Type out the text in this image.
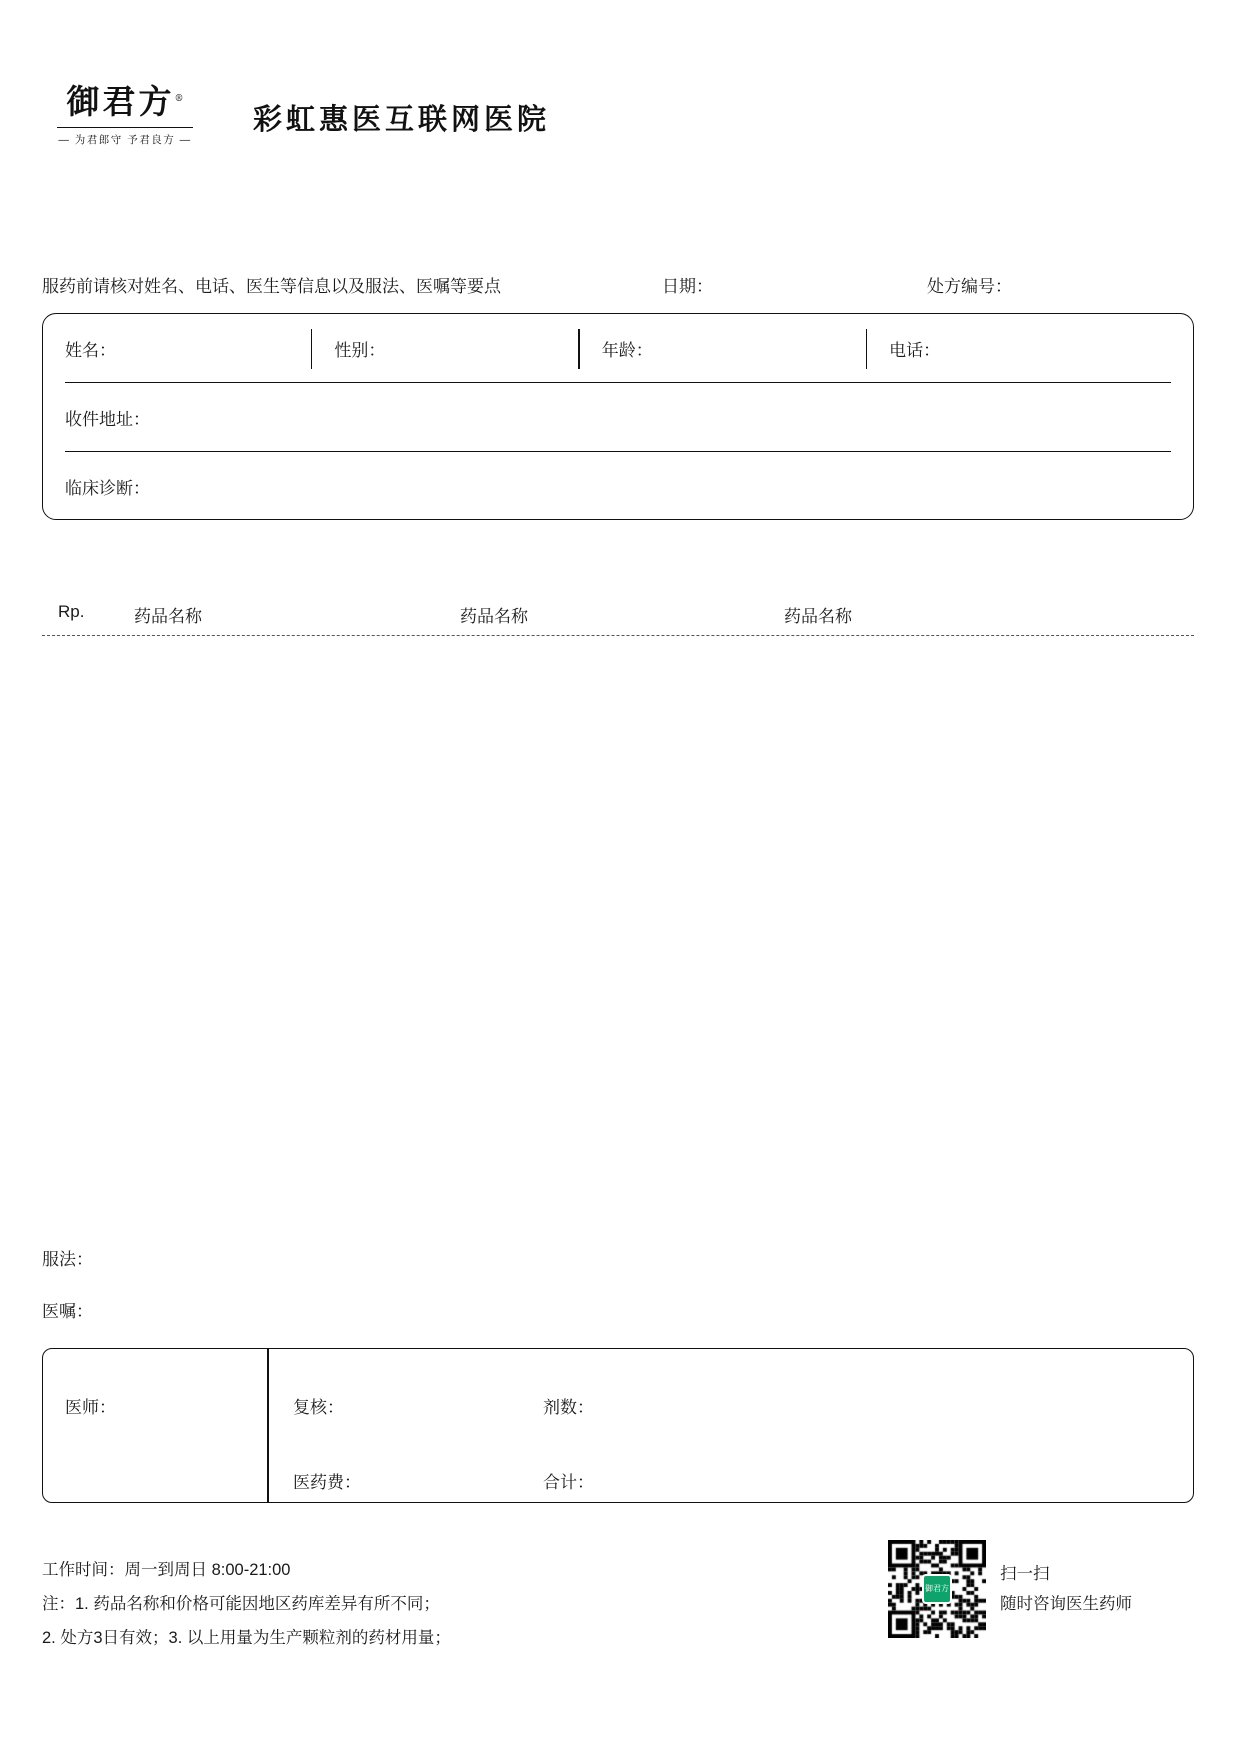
御君方®
— 为君郎守 予君良方 —
彩虹惠医互联网医院
服药前请核对姓名、电话、医生等信息以及服法、医嘱等要点	日期：	处方编号：
姓名：	性别：	年龄：	电话：
收件地址：
临床诊断：
Rp.	药品名称	药品名称	药品名称
服法：
医嘱：
医师：	复核：	剂数：
医药费：	合计：
工作时间：周一到周日 8:00-21:00
注：1. 药品名称和价格可能因地区药库差异有所不同；
2. 处方3日有效；3. 以上用量为生产颗粒剂的药材用量；
御君方
扫一扫
随时咨询医生药师
